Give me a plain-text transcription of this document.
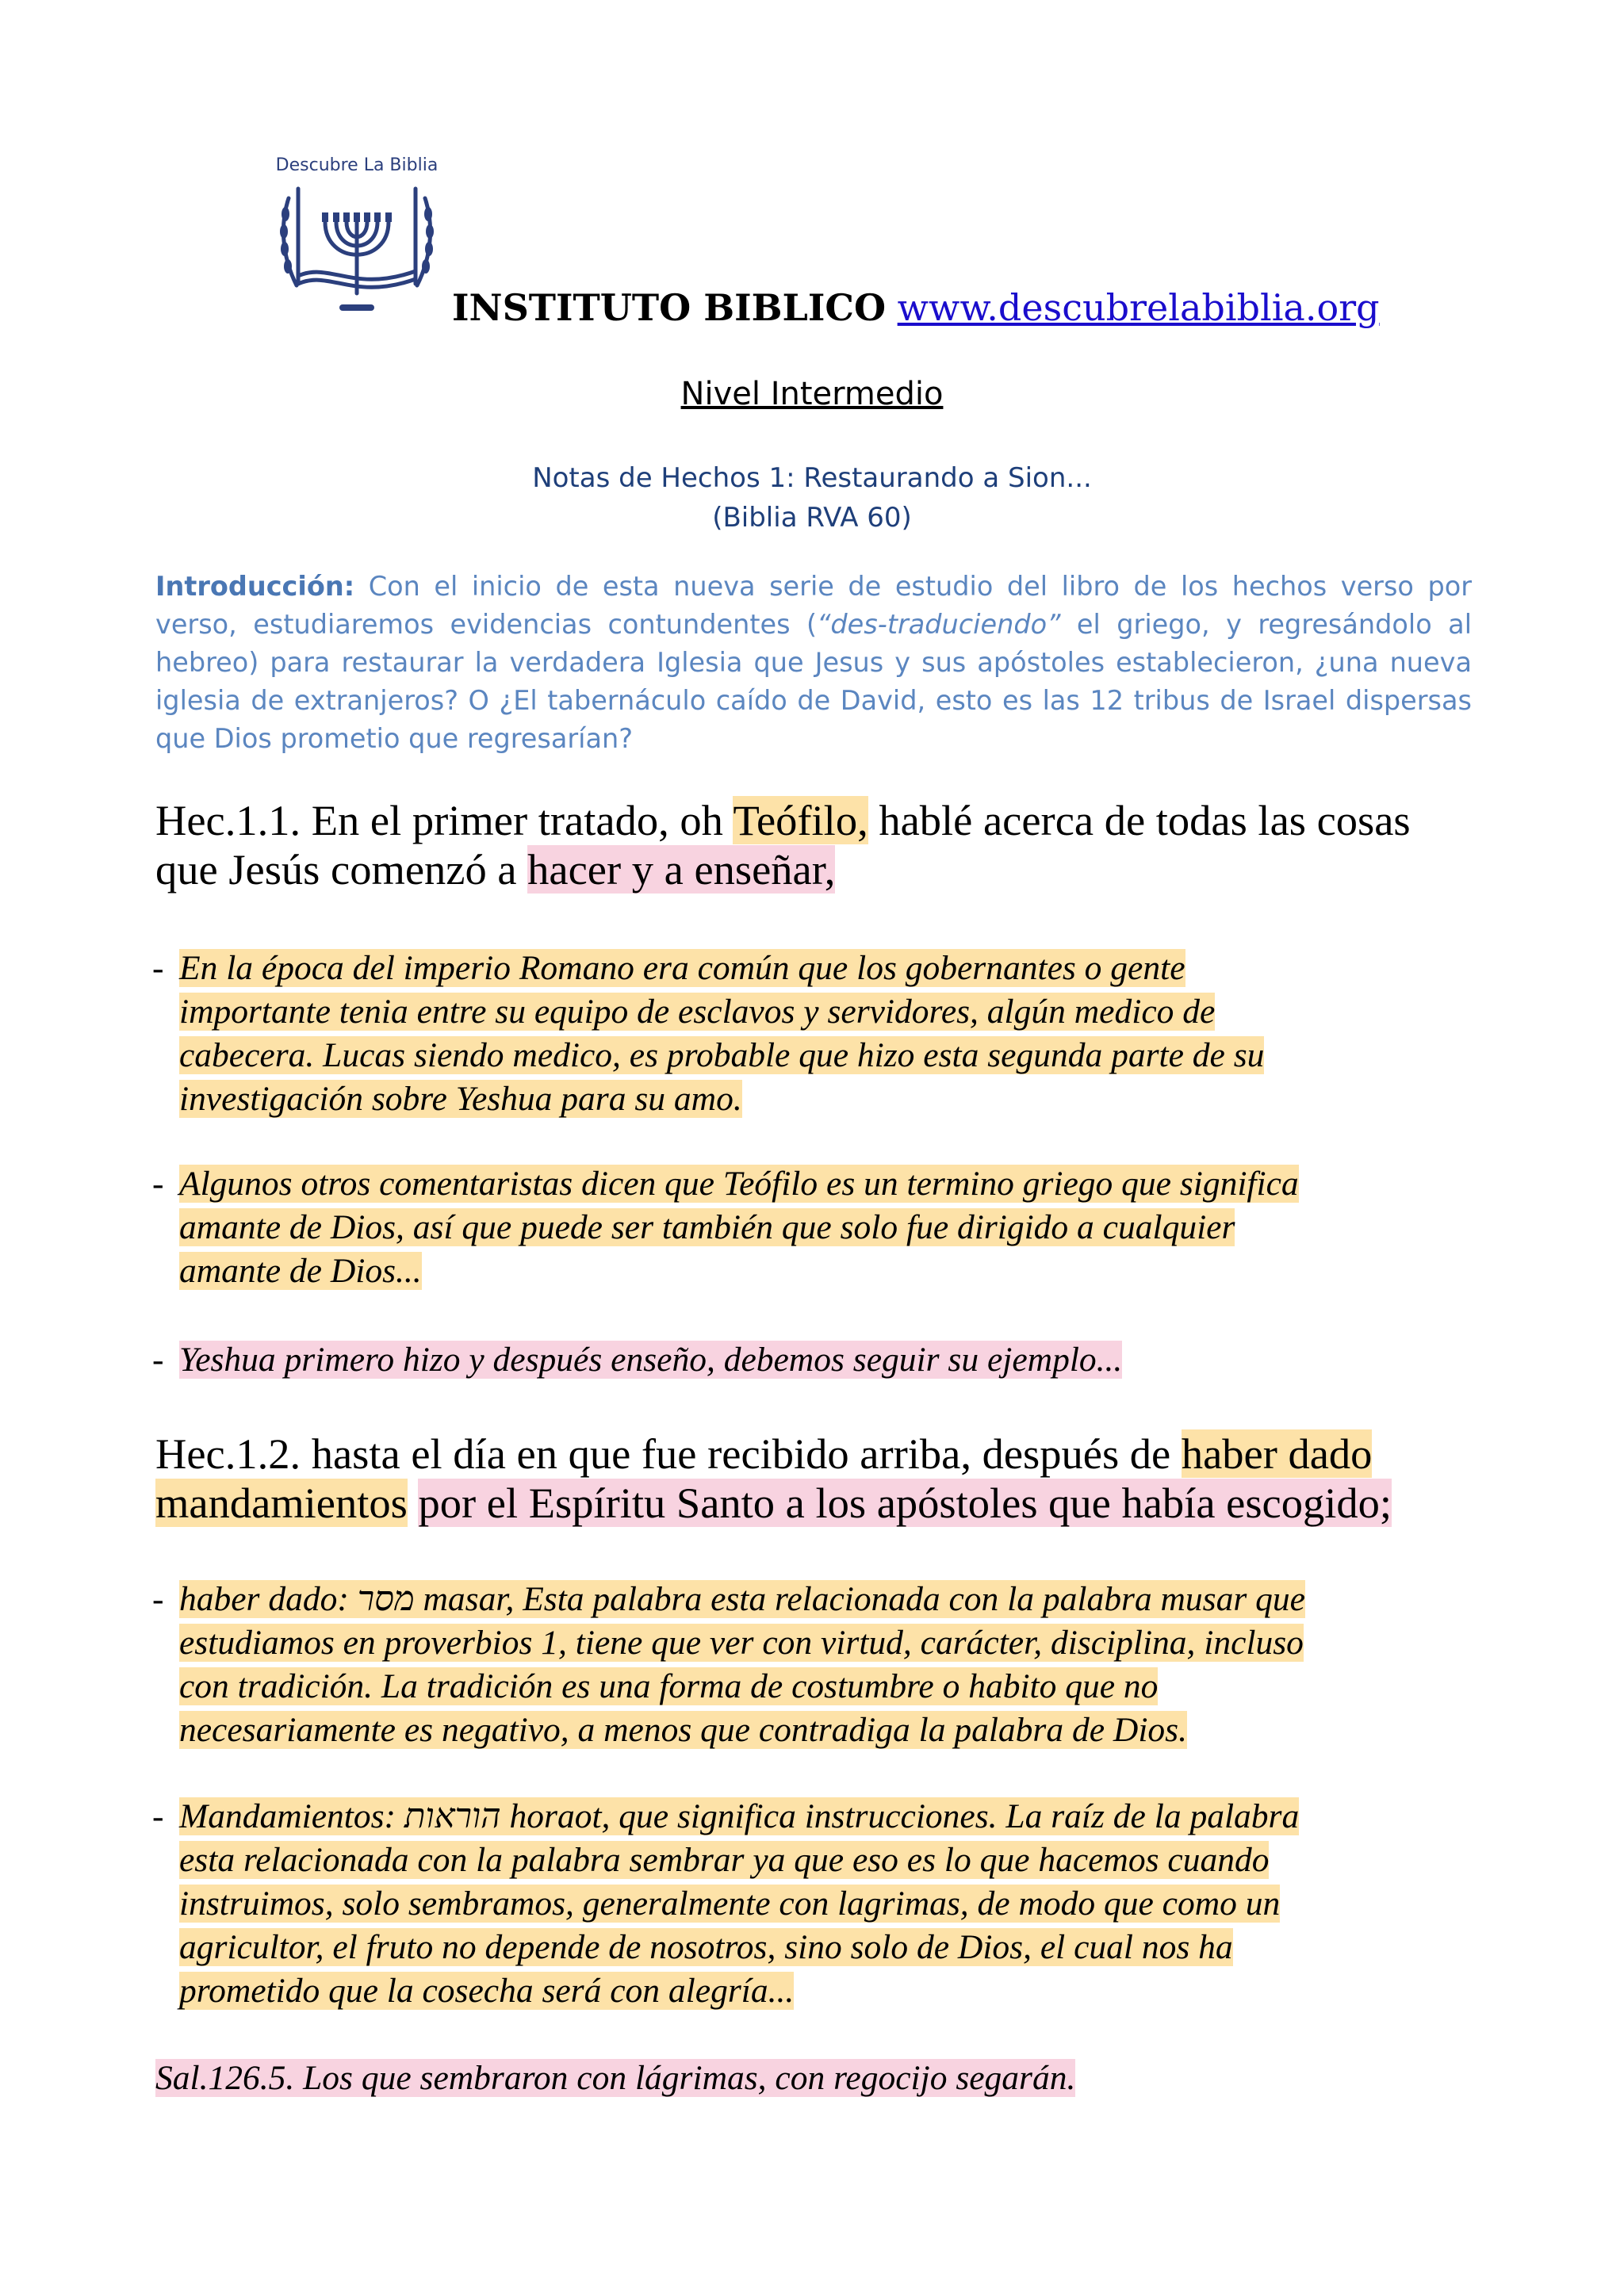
Descubre La Biblia
INSTITUTO BIBLICO www.descubrelabiblia.org
Nivel Intermedio
Notas de Hechos 1: Restaurando a Sion...
(Biblia RVA 60)
Introducción: Con el inicio de esta nueva serie de estudio del libro de los hechos verso por verso, estudiaremos evidencias contundentes (“des-traduciendo” el griego, y regresándolo al hebreo) para restaurar la verdadera Iglesia que Jesus y sus apóstoles establecieron, ¿una nueva iglesia de extranjeros? O ¿El tabernáculo caído de David, esto es las 12 tribus de Israel dispersas que Dios prometio que regresarían?
Hec.1.1. En el primer tratado, oh Teófilo, hablé acerca de todas las cosas
que Jesús comenzó a hacer y a enseñar,
- En la época del imperio Romano era común que los gobernantes o gente
importante tenia entre su equipo de esclavos y servidores, algún medico de
cabecera. Lucas siendo medico, es probable que hizo esta segunda parte de su
investigación sobre Yeshua para su amo.
- Algunos otros comentaristas dicen que Teófilo es un termino griego que significa
amante de Dios, así que puede ser también que solo fue dirigido a cualquier
amante de Dios...
- Yeshua primero hizo y después enseño, debemos seguir su ejemplo...
Hec.1.2. hasta el día en que fue recibido arriba, después de haber dado
mandamientos por el Espíritu Santo a los apóstoles que había escogido;
- haber dado: מסר masar, Esta palabra esta relacionada con la palabra musar que
estudiamos en proverbios 1, tiene que ver con virtud, carácter, disciplina, incluso
con tradición. La tradición es una forma de costumbre o habito que no
necesariamente es negativo, a menos que contradiga la palabra de Dios.
- Mandamientos: הוראות horaot, que significa instrucciones. La raíz de la palabra
esta relacionada con la palabra sembrar ya que eso es lo que hacemos cuando
instruimos, solo sembramos, generalmente con lagrimas, de modo que como un
agricultor, el fruto no depende de nosotros, sino solo de Dios, el cual nos ha
prometido que la cosecha será con alegría...
Sal.126.5. Los que sembraron con lágrimas, con regocijo segarán.
